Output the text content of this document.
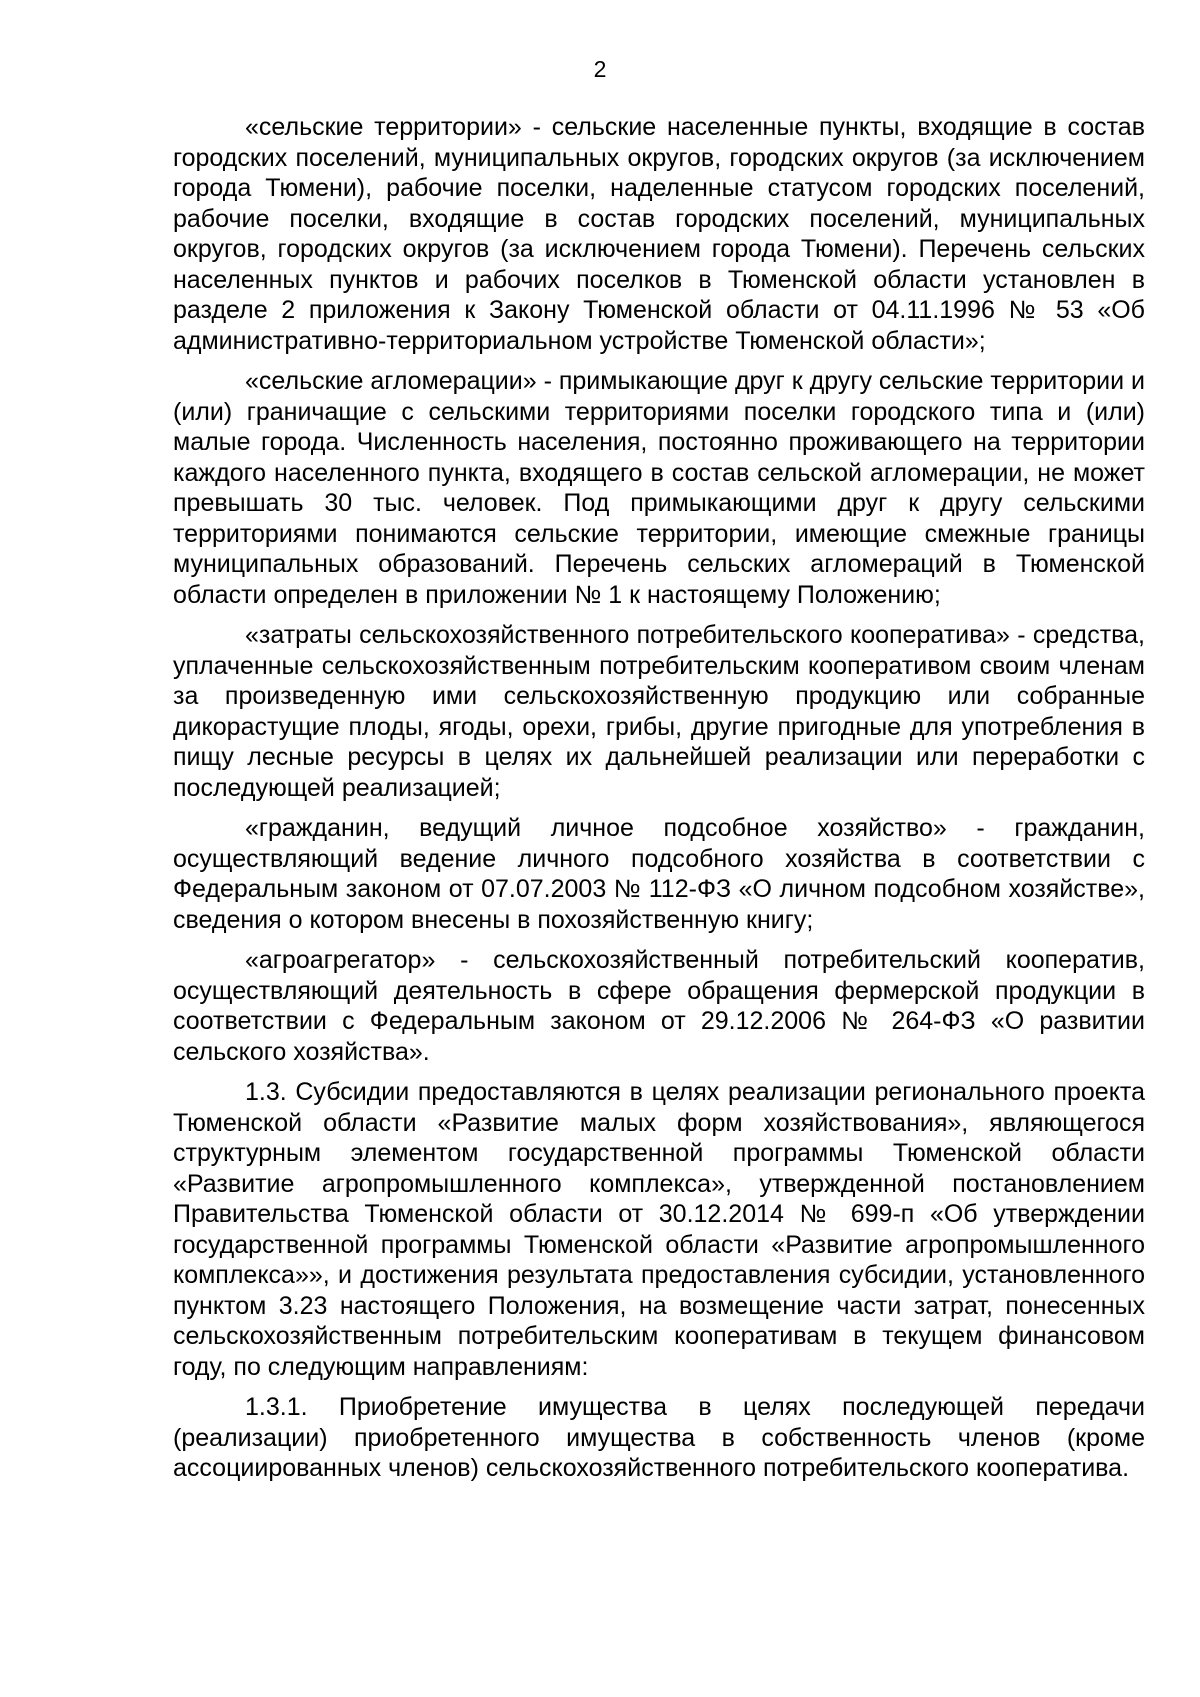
2

«сельские территории» - сельские населенные пункты, входящие в состав городских поселений, муниципальных округов, городских округов (за исключением города Тюмени), рабочие поселки, наделенные статусом городских поселений, рабочие поселки, входящие в состав городских поселений, муниципальных округов, городских округов (за исключением города Тюмени). Перечень сельских населенных пунктов и рабочих поселков в Тюменской области установлен в разделе 2 приложения к Закону Тюменской области от 04.11.1996 № 53 «Об административно-территориальном устройстве Тюменской области»;

«сельские агломерации» - примыкающие друг к другу сельские территории и (или) граничащие с сельскими территориями поселки городского типа и (или) малые города. Численность населения, постоянно проживающего на территории каждого населенного пункта, входящего в состав сельской агломерации, не может превышать 30 тыс. человек. Под примыкающими друг к другу сельскими территориями понимаются сельские территории, имеющие смежные границы муниципальных образований. Перечень сельских агломераций в Тюменской области определен в приложении № 1 к настоящему Положению;

«затраты сельскохозяйственного потребительского кооператива» - средства, уплаченные сельскохозяйственным потребительским кооперативом своим членам за произведенную ими сельскохозяйственную продукцию или собранные дикорастущие плоды, ягоды, орехи, грибы, другие пригодные для употребления в пищу лесные ресурсы в целях их дальнейшей реализации или переработки с последующей реализацией;

«гражданин, ведущий личное подсобное хозяйство» - гражданин, осуществляющий ведение личного подсобного хозяйства в соответствии с Федеральным законом от 07.07.2003 № 112-ФЗ «О личном подсобном хозяйстве», сведения о котором внесены в похозяйственную книгу;

«агроагрегатор» - сельскохозяйственный потребительский кооператив, осуществляющий деятельность в сфере обращения фермерской продукции в соответствии с Федеральным законом от 29.12.2006 № 264-ФЗ «О развитии сельского хозяйства».

1.3. Субсидии предоставляются в целях реализации регионального проекта Тюменской области «Развитие малых форм хозяйствования», являющегося структурным элементом государственной программы Тюменской области «Развитие агропромышленного комплекса», утвержденной постановлением Правительства Тюменской области от 30.12.2014 № 699-п «Об утверждении государственной программы Тюменской области «Развитие агропромышленного комплекса»», и достижения результата предоставления субсидии, установленного пунктом 3.23 настоящего Положения, на возмещение части затрат, понесенных сельскохозяйственным потребительским кооперативам в текущем финансовом году, по следующим направлениям:

1.3.1. Приобретение имущества в целях последующей передачи (реализации) приобретенного имущества в собственность членов (кроме ассоциированных членов) сельскохозяйственного потребительского кооператива.
